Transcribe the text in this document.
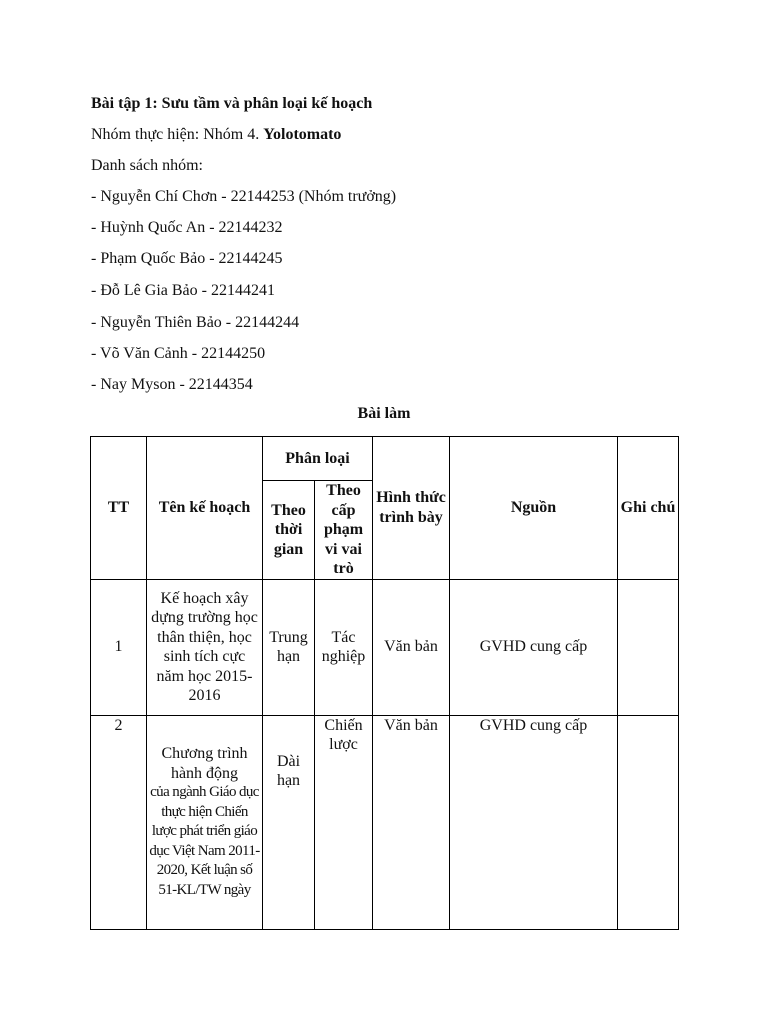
Bài tập 1: Sưu tầm và phân loại kế hoạch
Nhóm thực hiện: Nhóm 4. Yolotomato
Danh sách nhóm:
- Nguyễn Chí Chơn - 22144253 (Nhóm trưởng)
- Huỳnh Quốc An - 22144232
- Phạm Quốc Bảo - 22144245
- Đỗ Lê Gia Bảo - 22144241
- Nguyễn Thiên Bảo - 22144244
- Võ Văn Cảnh - 22144250
- Nay Myson - 22144354
Bài làm
TT	Tên kế hoạch	Phân loại		Hình thức trình bày	Nguồn	Ghi chú
		Theo thời gian	Theo cấp phạm vi vai trò			
1	Kế hoạch xây dựng trường học thân thiện, học sinh tích cực năm học 2015-2016	Trung hạn	Tác nghiệp	Văn bản	GVHD cung cấp	
2	Chương trình hành động
của ngành Giáo dục thực hiện Chiến lược phát triển giáo dục Việt Nam 2011-2020, Kết luận số 51-KL/TW ngày	Dài hạn	Chiến lược	Văn bản	GVHD cung cấp	
